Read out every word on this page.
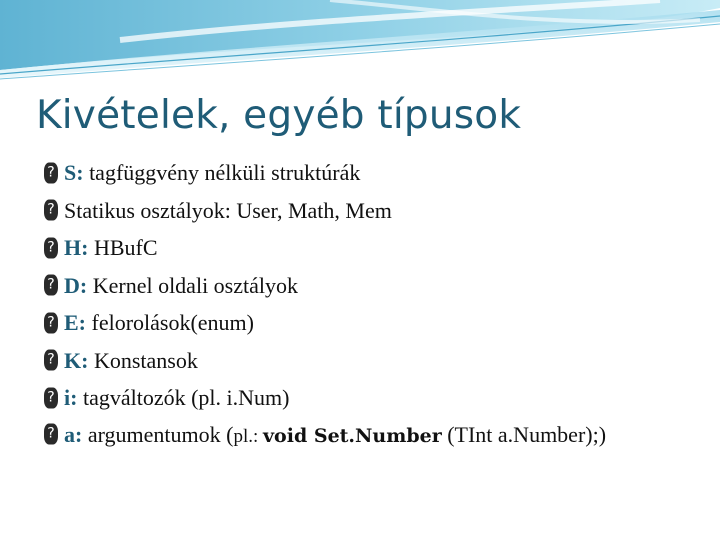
Kivételek, egyéb típusok
? S: tagfüggvény nélküli struktúrák
? Statikus osztályok: User, Math, Mem
? H: HBufC
? D: Kernel oldali osztályok
? E: felorolások(enum)
? K: Konstansok
? i: tagváltozók (pl. i.Num)
? a: argumentumok (pl.: void Set.Number (TInt a.Number);)
